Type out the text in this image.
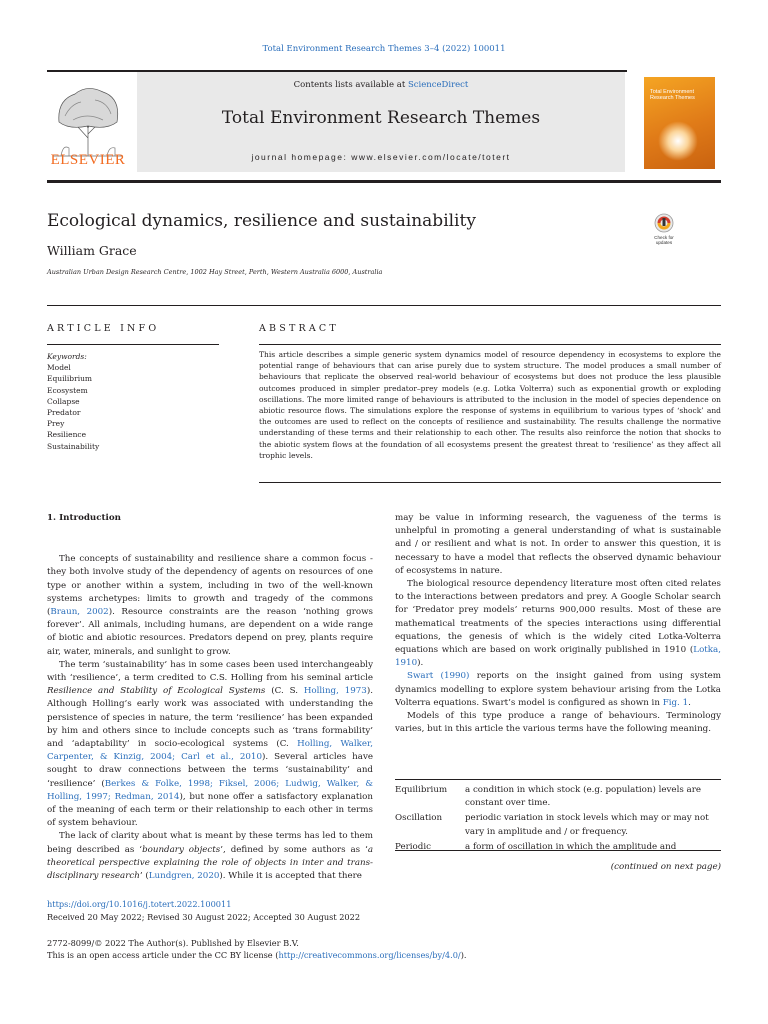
Total Environment Research Themes 3–4 (2022) 100011
ELSEVIER
Contents lists available at ScienceDirect
Total Environment Research Themes
journal homepage: www.elsevier.com/locate/totert
Total Environment Research Themes
Ecological dynamics, resilience and sustainability
Check for
updates
William Grace
Australian Urban Design Research Centre, 1002 Hay Street, Perth, Western Australia 6000, Australia
ARTICLE INFO
Keywords:
Model
Equilibrium
Ecosystem
Collapse
Predator
Prey
Resilience
Sustainability
ABSTRACT
This article describes a simple generic system dynamics model of resource dependency in ecosystems to explore the potential range of behaviours that can arise purely due to system structure. The model produces a small number of behaviours that replicate the observed real-world behaviour of ecosystems but does not produce the less plausible outcomes produced in simpler predator–prey models (e.g. Lotka Volterra) such as exponential growth or exploding oscillations. The more limited range of behaviours is attributed to the inclusion in the model of species dependence on abiotic resource flows. The simulations explore the response of systems in equilibrium to various types of ‘shock’ and the outcomes are used to reflect on the concepts of resilience and sustainability. The results challenge the normative understanding of these terms and their relationship to each other. The results also reinforce the notion that shocks to the abiotic system flows at the foundation of all ecosystems present the greatest threat to ‘resilience’ as they affect all trophic levels.

1. Introduction

The concepts of sustainability and resilience share a common focus - they both involve study of the dependency of agents on resources of one type or another within a system, including in two of the well-known systems archetypes: limits to growth and tragedy of the commons (Braun, 2002). Resource constraints are the reason ‘nothing grows forever’. All animals, including humans, are dependent on a wide range of biotic and abiotic resources. Predators depend on prey, plants require air, water, minerals, and sunlight to grow.

The term ‘sustainability’ has in some cases been used interchangeably with ‘resilience’, a term credited to C.S. Holling from his seminal article Resilience and Stability of Ecological Systems (C. S. Holling, 1973). Although Holling’s early work was associated with understanding the persistence of species in nature, the term ‘resilience’ has been expanded by him and others since to include concepts such as ‘trans formability’ and ‘adaptability’ in socio-ecological systems (C. Holling, Walker, Carpenter, & Kinzig, 2004; Carl et al., 2010). Several articles have sought to draw connections between the terms ‘sustainability’ and ‘resilience’ (Berkes & Folke, 1998; Fiksel, 2006; Ludwig, Walker, & Holling, 1997; Redman, 2014), but none offer a satisfactory explanation of the meaning of each term or their relationship to each other in terms of system behaviour.

The lack of clarity about what is meant by these terms has led to them being described as ‘boundary objects’, defined by some authors as ‘a theoretical perspective explaining the role of objects in inter and trans-disciplinary research’ (Lundgren, 2020). While it is accepted that there

may be value in informing research, the vagueness of the terms is unhelpful in promoting a general understanding of what is sustainable and / or resilient and what is not. In order to answer this question, it is necessary to have a model that reflects the observed dynamic behaviour of ecosystems in nature.

The biological resource dependency literature most often cited relates to the interactions between predators and prey. A Google Scholar search for ‘Predator prey models’ returns 900,000 results. Most of these are mathematical treatments of the species interactions using differential equations, the genesis of which is the widely cited Lotka-Volterra equations which are based on work originally published in 1910 (Lotka, 1910).

Swart (1990) reports on the insight gained from using system dynamics modelling to explore system behaviour arising from the Lotka Volterra equations. Swart’s model is configured as shown in Fig. 1.

Models of this type produce a range of behaviours. Terminology varies, but in this article the various terms have the following meaning.

Equilibrium	a condition in which stock (e.g. population) levels are constant over time.
Oscillation	periodic variation in stock levels which may or may not vary in amplitude and / or frequency.
Periodic	a form of oscillation in which the amplitude and
(continued on next page)
https://doi.org/10.1016/j.totert.2022.100011
Received 20 May 2022; Revised 30 August 2022; Accepted 30 August 2022
2772-8099/© 2022 The Author(s). Published by Elsevier B.V.
This is an open access article under the CC BY license (http://creativecommons.org/licenses/by/4.0/).
